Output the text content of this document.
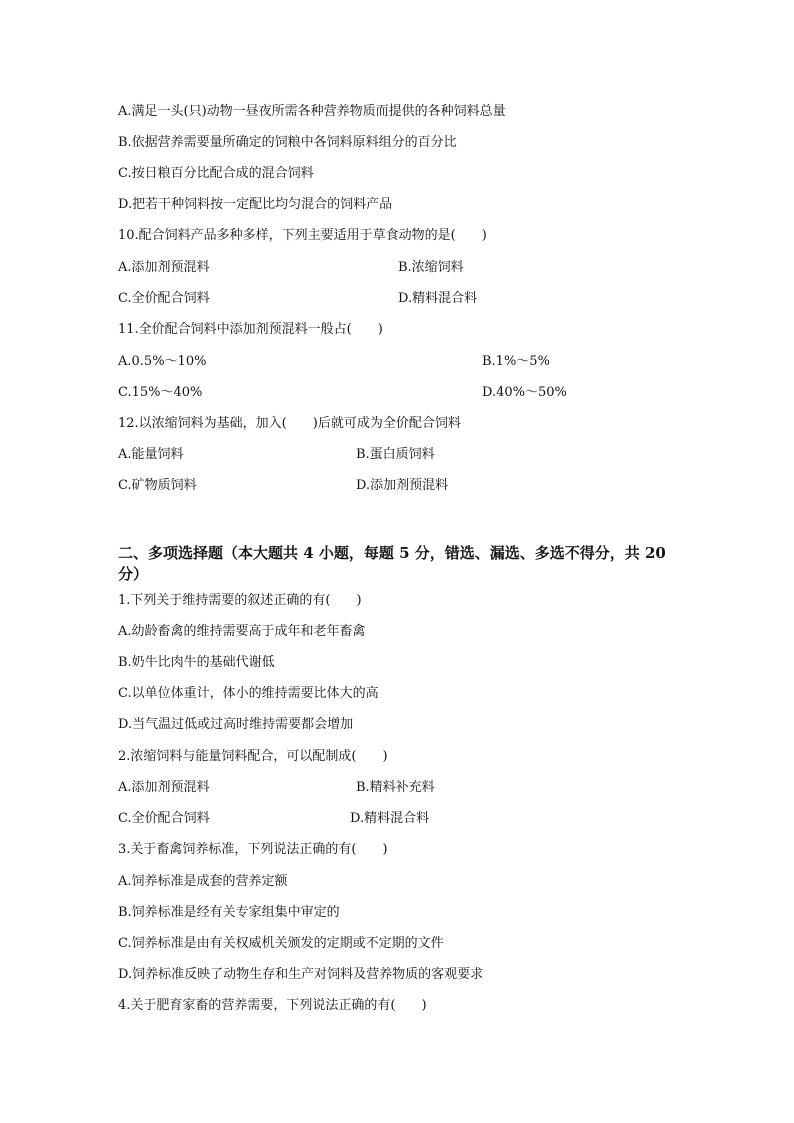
A.满足一头(只)动物一昼夜所需各种营养物质而提供的各种饲料总量
B.依据营养需要量所确定的饲粮中各饲料原料组分的百分比
C.按日粮百分比配合成的混合饲料
D.把若干种饲料按一定配比均匀混合的饲料产品
10.配合饲料产品多种多样，下列主要适用于草食动物的是(　　)
A.添加剂预混料	B.浓缩饲料
C.全价配合饲料	D.精料混合料
11.全价配合饲料中添加剂预混料一般占(　　)
A.0.5%～10%	B.1%～5%
C.15%～40%	D.40%～50%
12.以浓缩饲料为基础，加入(　　)后就可成为全价配合饲料
A.能量饲料	B.蛋白质饲料
C.矿物质饲料	D.添加剂预混料
二、多项选择题（本大题共 4 小题，每题 5 分，错选、漏选、多选不得分，共 20 分）
1.下列关于维持需要的叙述正确的有(　　)
A.幼龄畜禽的维持需要高于成年和老年畜禽
B.奶牛比肉牛的基础代谢低
C.以单位体重计，体小的维持需要比体大的高
D.当气温过低或过高时维持需要都会增加
2.浓缩饲料与能量饲料配合，可以配制成(　　)
A.添加剂预混料	B.精料补充料
C.全价配合饲料	D.精料混合料
3.关于畜禽饲养标准，下列说法正确的有(　　)
A.饲养标准是成套的营养定额
B.饲养标准是经有关专家组集中审定的
C.饲养标准是由有关权威机关颁发的定期或不定期的文件
D.饲养标准反映了动物生存和生产对饲料及营养物质的客观要求
4.关于肥育家畜的营养需要，下列说法正确的有(　　)
